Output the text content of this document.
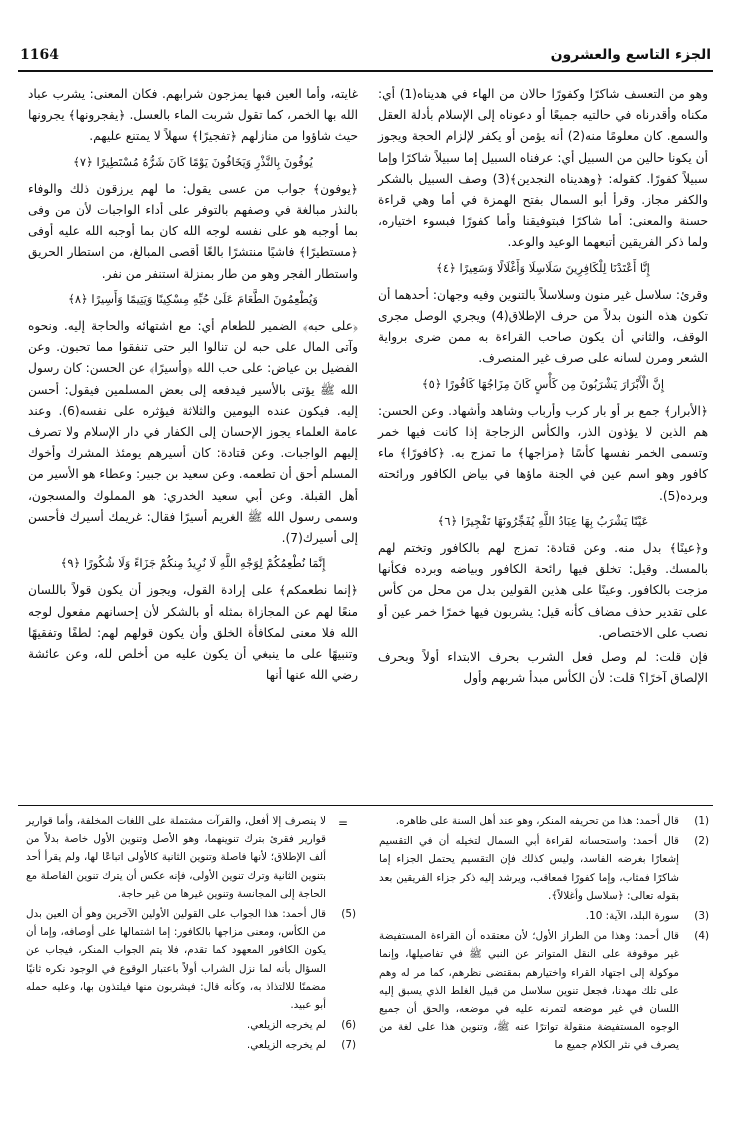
الجزء التاسع والعشرون
1164

وهو من التعسف شاكرًا وكفورًا حالان من الهاء في هديناه(1) أي: مكناه وأقدرناه في حالتيه جميعًا أو دعوناه إلى الإسلام بأدلة العقل والسمع. كان معلومًا منه(2) أنه يؤمن أو يكفر لإلزام الحجة ويجوز أن يكونا حالين من السبيل أي: عرفناه السبيل إما سبيلاً شاكرًا وإما سبيلاً كفورًا. كقوله: ﴿وهديناه النجدين﴾(3) وصف السبيل بالشكر والكفر مجاز. وقرأ أبو السمال بفتح الهمزة في أما وهي قراءة حسنة والمعنى: أما شاكرًا فبتوفيقنا وأما كفورًا فبسوء اختياره، ولما ذكر الفريقين أتبعهما الوعيد والوعد.

إِنَّا أَعْتَدْنَا لِلْكَافِرِينَ سَلَاسِلَا وَأَغْلَالًا وَسَعِيرًا ﴿٤﴾

وقرئ: سلاسل غير منون وسلاسلاً بالتنوين وفيه وجهان: أحدهما أن تكون هذه النون بدلاً من حرف الإطلاق(4) ويجري الوصل مجرى الوقف، والثاني أن يكون صاحب القراءة به ممن ضرى برواية الشعر ومرن لسانه على صرف غير المنصرف.

إِنَّ الْأَبْرَارَ يَشْرَبُونَ مِن كَأْسٍ كَانَ مِزَاجُهَا كَافُورًا ﴿٥﴾

﴿الأبرار﴾ جمع بر أو بار كرب وأرباب وشاهد وأشهاد. وعن الحسن: هم الذين لا يؤذون الذر، والكأس الزجاجة إذا كانت فيها خمر وتسمى الخمر نفسها كأسًا ﴿مزاجها﴾ ما تمزج به. ﴿كافورًا﴾ ماء كافور وهو اسم عين في الجنة ماؤها في بياض الكافور ورائحته وبرده(5).

عَيْنًا يَشْرَبُ بِهَا عِبَادُ اللَّهِ يُفَجِّرُونَهَا تَفْجِيرًا ﴿٦﴾

و﴿عينًا﴾ بدل منه. وعن قتادة: تمزج لهم بالكافور وتختم لهم بالمسك. وقيل: تخلق فيها رائحة الكافور وبياضه وبرده فكأنها مزجت بالكافور. وعينًا على هذين القولين بدل من محل من كأس على تقدير حذف مضاف كأنه قيل: يشربون فيها خمرًا خمر عين أو نصب على الاختصاص.

فإن قلت: لم وصل فعل الشرب بحرف الابتداء أولاً وبحرف الإلصاق آخرًا؟ قلت: لأن الكأس مبدأ شربهم وأول

غايته، وأما العين فبها يمزجون شرابهم. فكان المعنى: يشرب عباد الله بها الخمر، كما تقول شربت الماء بالعسل. ﴿يفجرونها﴾ يجرونها حيث شاؤوا من منازلهم ﴿تفجيرًا﴾ سهلاً لا يمتنع عليهم.

يُوفُونَ بِالنَّذْرِ وَيَخَافُونَ يَوْمًا كَانَ شَرُّهُ مُسْتَطِيرًا ﴿٧﴾

﴿يوفون﴾ جواب من عسى يقول: ما لهم يرزقون ذلك والوفاء بالنذر مبالغة في وصفهم بالتوفر على أداء الواجبات لأن من وفى بما أوجبه هو على نفسه لوجه الله كان بما أوجبه الله عليه أوفى ﴿مستطيرًا﴾ فاشيًا منتشرًا بالغًا أقصى المبالغ، من استطار الحريق واستطار الفجر وهو من طار بمنزلة استنفر من نفر.

وَيُطْعِمُونَ الطَّعَامَ عَلَىٰ حُبِّهِ مِسْكِينًا وَيَتِيمًا وَأَسِيرًا ﴿٨﴾

﴿على حبه﴾ الضمير للطعام أي: مع اشتهائه والحاجة إليه. ونحوه وآتى المال على حبه لن تنالوا البر حتى تنفقوا مما تحبون. وعن الفضيل بن عياض: على حب الله ﴿وأسيرًا﴾ عن الحسن: كان رسول الله ﷺ يؤتى بالأسير فيدفعه إلى بعض المسلمين فيقول: أحسن إليه. فيكون عنده اليومين والثلاثة فيؤثره على نفسه(6). وعند عامة العلماء يجوز الإحسان إلى الكفار في دار الإسلام ولا تصرف إليهم الواجبات. وعن قتادة: كان أسيرهم يومئذ المشرك وأخوك المسلم أحق أن تطعمه. وعن سعيد بن جبير: وعطاء هو الأسير من أهل القبلة. وعن أبي سعيد الخدري: هو المملوك والمسجون، وسمى رسول الله ﷺ الغريم أسيرًا فقال: غريمك أسيرك فأحسن إلى أسيرك(7).

إِنَّمَا نُطْعِمُكُمْ لِوَجْهِ اللَّهِ لَا نُرِيدُ مِنكُمْ جَزَاءً وَلَا شُكُورًا ﴿٩﴾

﴿إنما نطعمكم﴾ على إرادة القول، ويجوز أن يكون قولاً باللسان منعًا لهم عن المجازاة بمثله أو بالشكر لأن إحسانهم مفعول لوجه الله فلا معنى لمكافأة الخلق وأن يكون قولهم لهم: لطفًا وتفقيهًا وتنبيهًا على ما ينبغي أن يكون عليه من أخلص لله، وعن عائشة رضي الله عنها أنها

(1)
قال أحمد: هذا من تحريفه المنكر، وهو عند أهل السنة على ظاهره.
(2)
قال أحمد: واستحسانه لقراءة أبي السمال لتخيله أن في التقسيم إشعارًا بغرضه الفاسد، وليس كذلك فإن التقسيم يحتمل الجزاء إما شاكرًا فمثاب، وإما كفورًا فمعاقب، ويرشد إليه ذكر جزاء الفريقين بعد بقوله تعالى: ﴿سلاسل وأغلالاً﴾.
(3)
سورة البلد، الآية: 10.
(4)
قال أحمد: وهذا من الطراز الأول؛ لأن معتقده أن القراءة المستفيضة غير موقوفة على النقل المتواتر عن النبي ﷺ في تفاصيلها، وإنما موكولة إلى اجتهاد القراء واختيارهم بمقتضى نظرهم، كما مر له وهم على تلك مهدنا، فجعل تنوين سلاسل من قبيل الغلط الذي يسبق إليه اللسان في غير موضعه لتمرنه عليه في موضعه، والحق أن جميع الوجوه المستفيضة منقولة تواترًا عنه ﷺ، وتنوين هذا على لغة من يصرف في نثر الكلام جميع ما
=
لا ينصرف إلا أفعل، والقرآت مشتملة على اللغات المخلفة، وأما قوارير قوارير فقرئ بترك تنوينهما، وهو الأصل وتنوين الأول خاصة بدلاً من ألف الإطلاق؛ لأنها فاصلة وتنوين الثانية كالأولى اتباعًا لها، ولم يقرأ أحد بتنوين الثانية وترك تنوين الأولى، فإنه عكس أن يترك تنوين الفاصلة مع الحاجة إلى المجانسة وتنوين غيرها من غير حاجة.
(5)
قال أحمد: هذا الجواب على القولين الأولين الآخرين وهو أن العين بدل من الكأس، ومعنى مزاجها بالكافور: إما اشتمالها على أوصافه، وإما أن يكون الكافور المعهود كما تقدم، فلا يتم الجواب المنكر، فيجاب عن السؤال بأنه لما نزل الشراب أولاً باعتبار الوقوع في الوجود نكره ثانيًا مضمنًا للالتذاذ به، وكأنه قال: فيشربون منها فيلتذون بها، وعليه حمله أبو عبيد.
(6)
لم يخرجه الزيلعي.
(7)
لم يخرجه الزيلعي.
